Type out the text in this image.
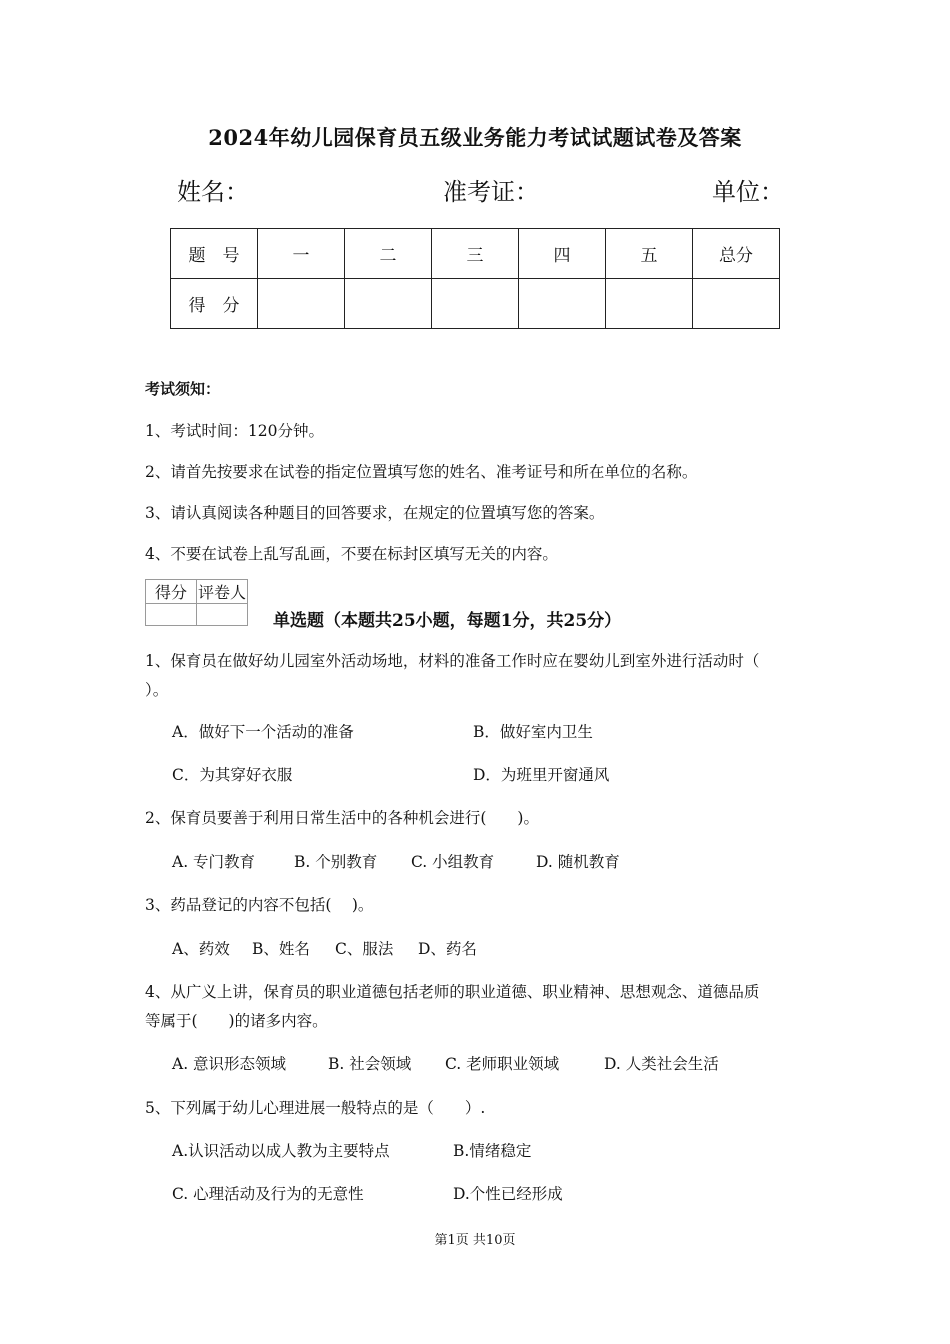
2024年幼儿园保育员五级业务能力考试试题试卷及答案
姓名：	准考证：	单位：
题　号	一	二	三	四	五	总分
得　分						
考试须知：
1、考试时间：120分钟。
2、请首先按要求在试卷的指定位置填写您的姓名、准考证号和所在单位的名称。
3、请认真阅读各种题目的回答要求，在规定的位置填写您的答案。
4、不要在试卷上乱写乱画，不要在标封区填写无关的内容。
得分	评卷人

单选题（本题共25小题，每题1分，共25分）
1、保育员在做好幼儿园室外活动场地，材料的准备工作时应在婴幼儿到室外进行活动时（
）。
A．做好下一个活动的准备	B．做好室内卫生
C．为其穿好衣服	D．为班里开窗通风
2、保育员要善于利用日常生活中的各种机会进行(　　)。
A. 专门教育	B. 个别教育 C. 小组教育	D. 随机教育
3、药品登记的内容不包括(　 )。
A、药效 B、姓名 C、服法 D、药名
4、从广义上讲，保育员的职业道德包括老师的职业道德、职业精神、思想观念、道德品质
等属于(　　)的诸多内容。
A. 意识形态领域	B. 社会领域 C. 老师职业领域	D. 人类社会生活
5、下列属于幼儿心理进展一般特点的是（　　）.
A.认识活动以成人教为主要特点	B.情绪稳定
C. 心理活动及行为的无意性	D.个性已经形成
第1页 共10页
